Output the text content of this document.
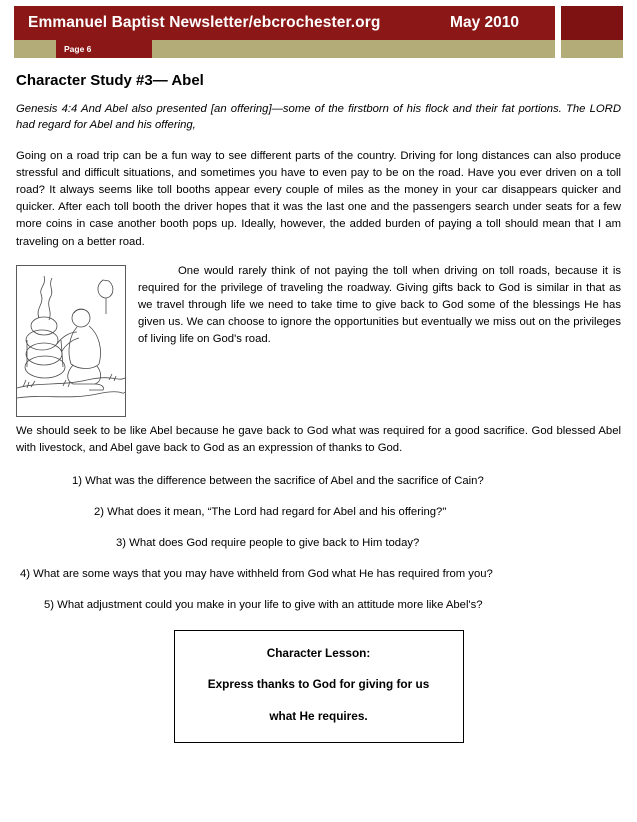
Emmanuel Baptist Newsletter/ebcrochester.org	May 2010
Page 6
Character Study #3— Abel
Genesis 4:4 And Abel also presented [an offering]—some of the firstborn of his flock and their fat portions. The LORD had regard for Abel and his offering,

Going on a road trip can be a fun way to see different parts of the country. Driving for long distances can also produce stressful and difficult situations, and sometimes you have to even pay to be on the road. Have you ever driven on a toll road? It always seems like toll booths appear every couple of miles as the money in your car disappears quicker and quicker. After each toll booth the driver hopes that it was the last one and the passengers search under seats for a few more coins in case another booth pops up. Ideally, however, the added burden of paying a toll should mean that I am traveling on a better road.

One would rarely think of not paying the toll when driving on toll roads, because it is required for the privilege of traveling the roadway. Giving gifts back to God is similar in that as we travel through life we need to take time to give back to God some of the blessings He has given us. We can choose to ignore the opportunities but eventually we miss out on the privileges of living life on God's road.

We should seek to be like Abel because he gave back to God what was required for a good sacrifice. God blessed Abel with livestock, and Abel gave back to God as an expression of thanks to God.

1) What was the difference between the sacrifice of Abel and the sacrifice of Cain?
2) What does it mean, “The Lord had regard for Abel and his offering?"
3) What does God require people to give back to Him today?
4) What are some ways that you may have withheld from God what He has required from you?
5) What adjustment could you make in your life to give with an attitude more like Abel's?
Character Lesson:
Express thanks to God for giving for us
what He requires.
